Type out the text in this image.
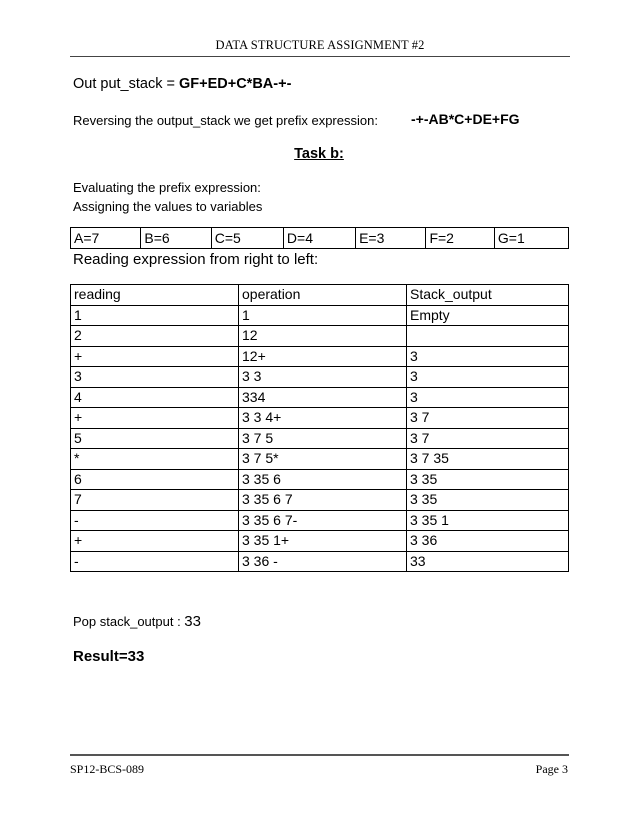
DATA STRUCTURE ASSIGNMENT #2
Out put_stack = GF+ED+C*BA-+-
Reversing the output_stack we get prefix expression: -+-AB*C+DE+FG
Task b:
Evaluating the prefix expression:
Assigning the values to variables
A=7	B=6	C=5	D=4	E=3	F=2	G=1
Reading expression from right to left:
reading	operation	Stack_output
1	1	Empty
2	12	
+	12+	3
3	3 3	3
4	334	3
+	3 3 4+	3 7
5	3 7 5	3 7
*	3 7 5*	3 7 35
6	3 35 6	3 35
7	3 35 6 7	3 35
-	3 35 6 7-	3 35 1
+	3 35 1+	3 36
-	3 36 -	33
Pop stack_output : 33
Result=33
SP12-BCS-089	Page 3
